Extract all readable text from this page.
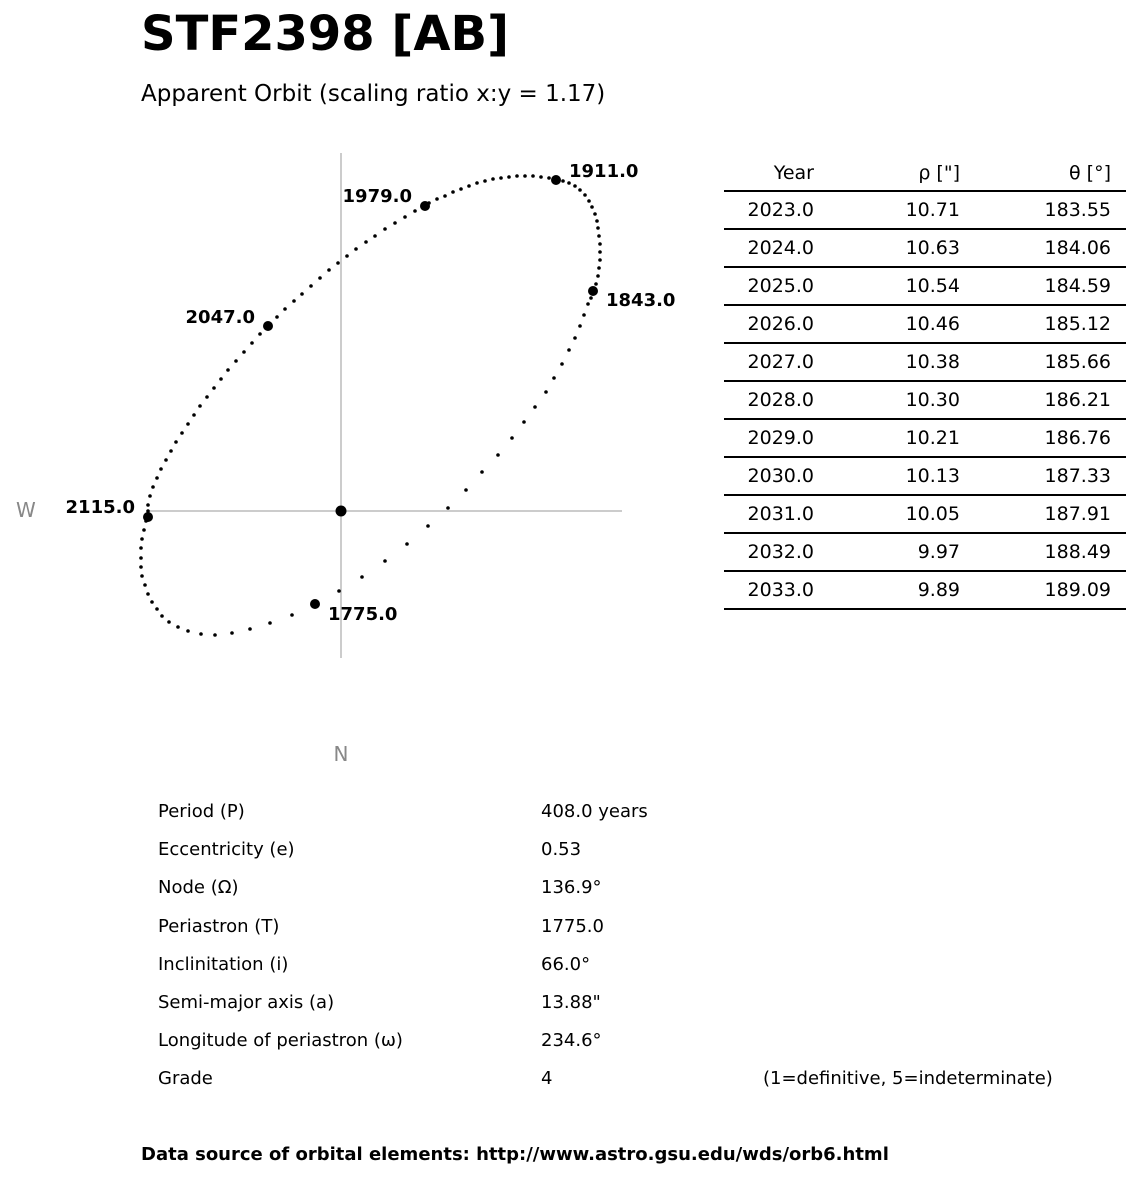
STF2398 [AB]
Apparent Orbit (scaling ratio x:y = 1.17)
1911.0
1979.0
1843.0
2047.0
2115.0
1775.0
W
N
Year	ρ ["]	θ [°]	
2023.0	10.71	183.55	
2024.0	10.63	184.06	
2025.0	10.54	184.59	
2026.0	10.46	185.12	
2027.0	10.38	185.66	
2028.0	10.30	186.21	
2029.0	10.21	186.76	
2030.0	10.13	187.33	
2031.0	10.05	187.91	
2032.0	9.97	188.49	
2033.0	9.89	189.09	
Period (P)	408.0 years
Eccentricity (e)	0.53
Node (Ω)	136.9°
Periastron (T)	1775.0
Inclinitation (i)	66.0°
Semi-major axis (a)	13.88"
Longitude of periastron (ω)	234.6°
Grade	4	(1=definitive, 5=indeterminate)
Data source of orbital elements: http://www.astro.gsu.edu/wds/orb6.html
